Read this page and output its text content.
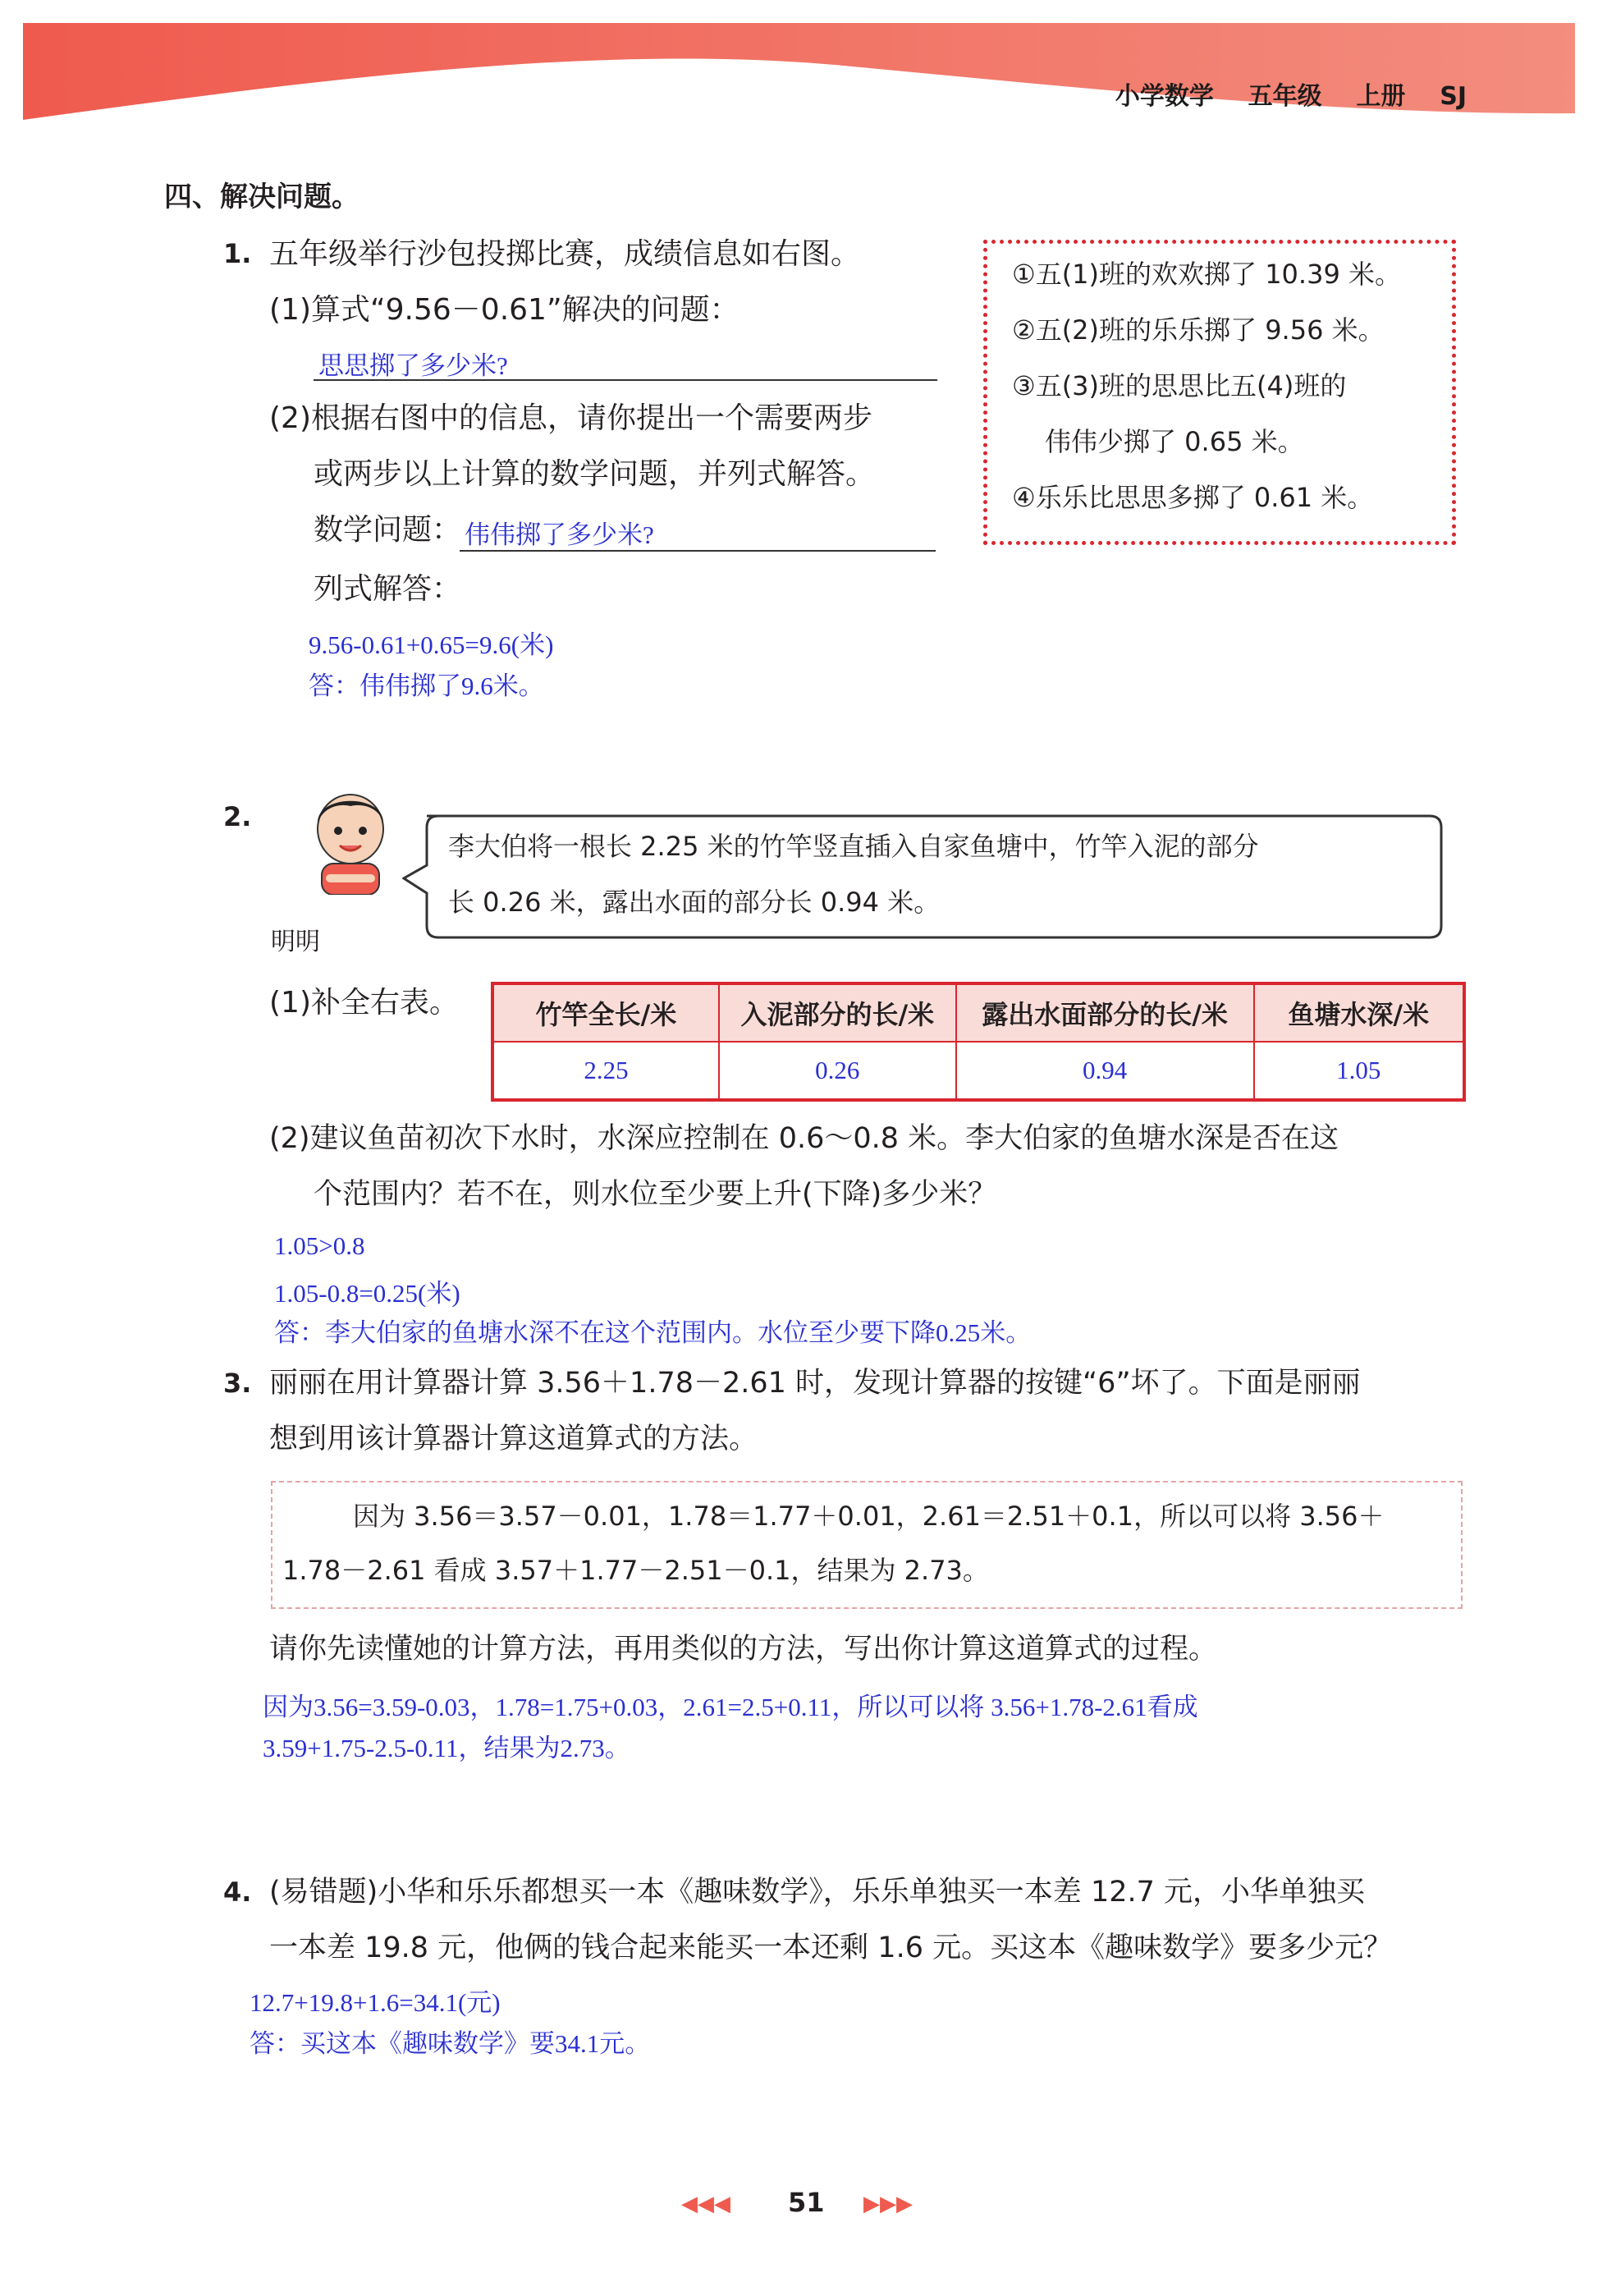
小学数学 五年级 上册 SJ
四、解决问题。
1. 五年级举行沙包投掷比赛，成绩信息如右图。
(1)算式“9.56－0.61”解决的问题：
思思掷了多少米?
(2)根据右图中的信息，请你提出一个需要两步
或两步以上计算的数学问题，并列式解答。
数学问题： 伟伟掷了多少米?
列式解答：
9.56-0.61+0.65=9.6(米)
答：伟伟掷了9.6米。
①五(1)班的欢欢掷了 10.39 米。
②五(2)班的乐乐掷了 9.56 米。
③五(3)班的思思比五(4)班的
伟伟少掷了 0.65 米。
④乐乐比思思多掷了 0.61 米。
2.
明明
李大伯将一根长 2.25 米的竹竿竖直插入自家鱼塘中，竹竿入泥的部分
长 0.26 米，露出水面的部分长 0.94 米。
(1)补全右表。	竹竿全长/米	入泥部分的长/米	露出水面部分的长/米	鱼塘水深/米
2.25	0.26	0.94	1.05
(2)建议鱼苗初次下水时，水深应控制在 0.6～0.8 米。李大伯家的鱼塘水深是否在这
个范围内？若不在，则水位至少要上升(下降)多少米？
1.05>0.8
1.05-0.8=0.25(米)
答：李大伯家的鱼塘水深不在这个范围内。水位至少要下降0.25米。
3. 丽丽在用计算器计算 3.56＋1.78－2.61 时，发现计算器的按键“6”坏了。下面是丽丽
想到用该计算器计算这道算式的方法。
因为 3.56＝3.57－0.01，1.78＝1.77＋0.01，2.61＝2.51＋0.1，所以可以将 3.56＋
1.78－2.61 看成 3.57＋1.77－2.51－0.1，结果为 2.73。
请你先读懂她的计算方法，再用类似的方法，写出你计算这道算式的过程。
因为3.56=3.59-0.03，1.78=1.75+0.03，2.61=2.5+0.11，所以可以将 3.56+1.78-2.61看成
3.59+1.75-2.5-0.11，结果为2.73。
4. (易错题)小华和乐乐都想买一本《趣味数学》，乐乐单独买一本差 12.7 元，小华单独买
一本差 19.8 元，他俩的钱合起来能买一本还剩 1.6 元。买这本《趣味数学》要多少元？
12.7+19.8+1.6=34.1(元)
答：买这本《趣味数学》要34.1元。
◀◀◀ 51 ▶▶▶
